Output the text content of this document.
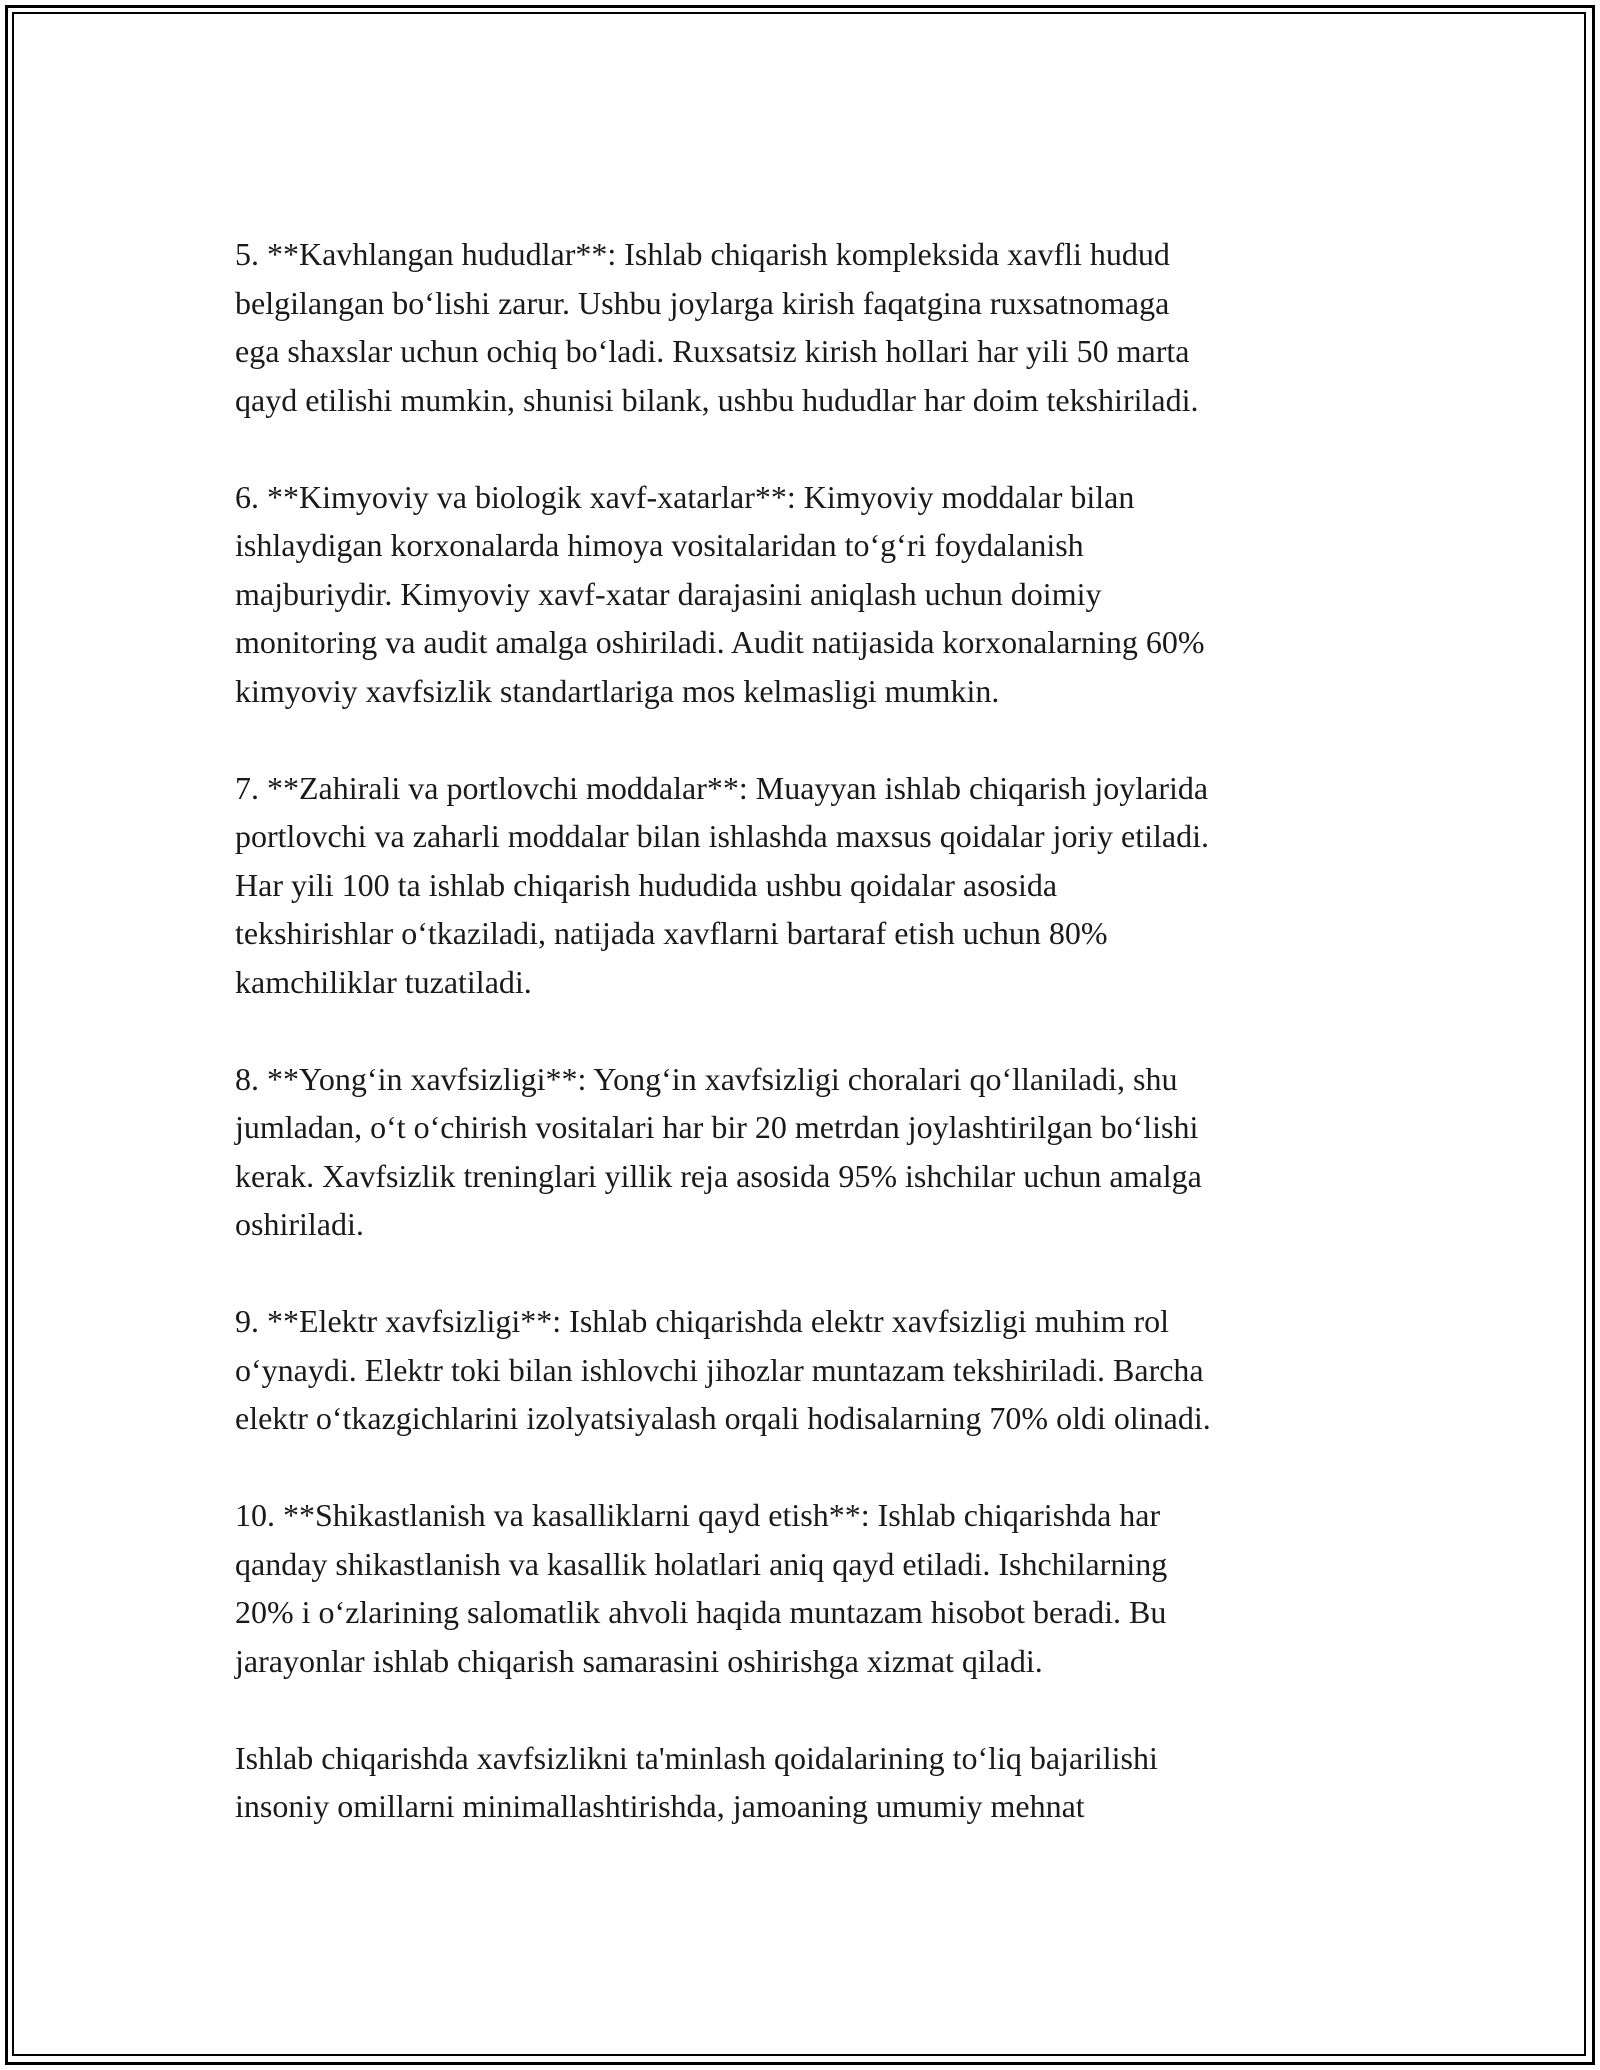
5. **Kavhlangan hududlar**: Ishlab chiqarish kompleksida xavfli hudud
belgilangan bo‘lishi zarur. Ushbu joylarga kirish faqatgina ruxsatnomaga
ega shaxslar uchun ochiq bo‘ladi. Ruxsatsiz kirish hollari har yili 50 marta
qayd etilishi mumkin, shunisi bilank, ushbu hududlar har doim tekshiriladi.

6. **Kimyoviy va biologik xavf-xatarlar**: Kimyoviy moddalar bilan
ishlaydigan korxonalarda himoya vositalaridan to‘g‘ri foydalanish
majburiydir. Kimyoviy xavf-xatar darajasini aniqlash uchun doimiy
monitoring va audit amalga oshiriladi. Audit natijasida korxonalarning 60%
kimyoviy xavfsizlik standartlariga mos kelmasligi mumkin.

7. **Zahirali va portlovchi moddalar**: Muayyan ishlab chiqarish joylarida
portlovchi va zaharli moddalar bilan ishlashda maxsus qoidalar joriy etiladi.
Har yili 100 ta ishlab chiqarish hududida ushbu qoidalar asosida
tekshirishlar o‘tkaziladi, natijada xavflarni bartaraf etish uchun 80%
kamchiliklar tuzatiladi.

8. **Yong‘in xavfsizligi**: Yong‘in xavfsizligi choralari qo‘llaniladi, shu
jumladan, o‘t o‘chirish vositalari har bir 20 metrdan joylashtirilgan bo‘lishi
kerak. Xavfsizlik treninglari yillik reja asosida 95% ishchilar uchun amalga
oshiriladi.

9. **Elektr xavfsizligi**: Ishlab chiqarishda elektr xavfsizligi muhim rol
o‘ynaydi. Elektr toki bilan ishlovchi jihozlar muntazam tekshiriladi. Barcha
elektr o‘tkazgichlarini izolyatsiyalash orqali hodisalarning 70% oldi olinadi.

10. **Shikastlanish va kasalliklarni qayd etish**: Ishlab chiqarishda har
qanday shikastlanish va kasallik holatlari aniq qayd etiladi. Ishchilarning
20% i o‘zlarining salomatlik ahvoli haqida muntazam hisobot beradi. Bu
jarayonlar ishlab chiqarish samarasini oshirishga xizmat qiladi.

Ishlab chiqarishda xavfsizlikni ta'minlash qoidalarining to‘liq bajarilishi
insoniy omillarni minimallashtirishda, jamoaning umumiy mehnat
